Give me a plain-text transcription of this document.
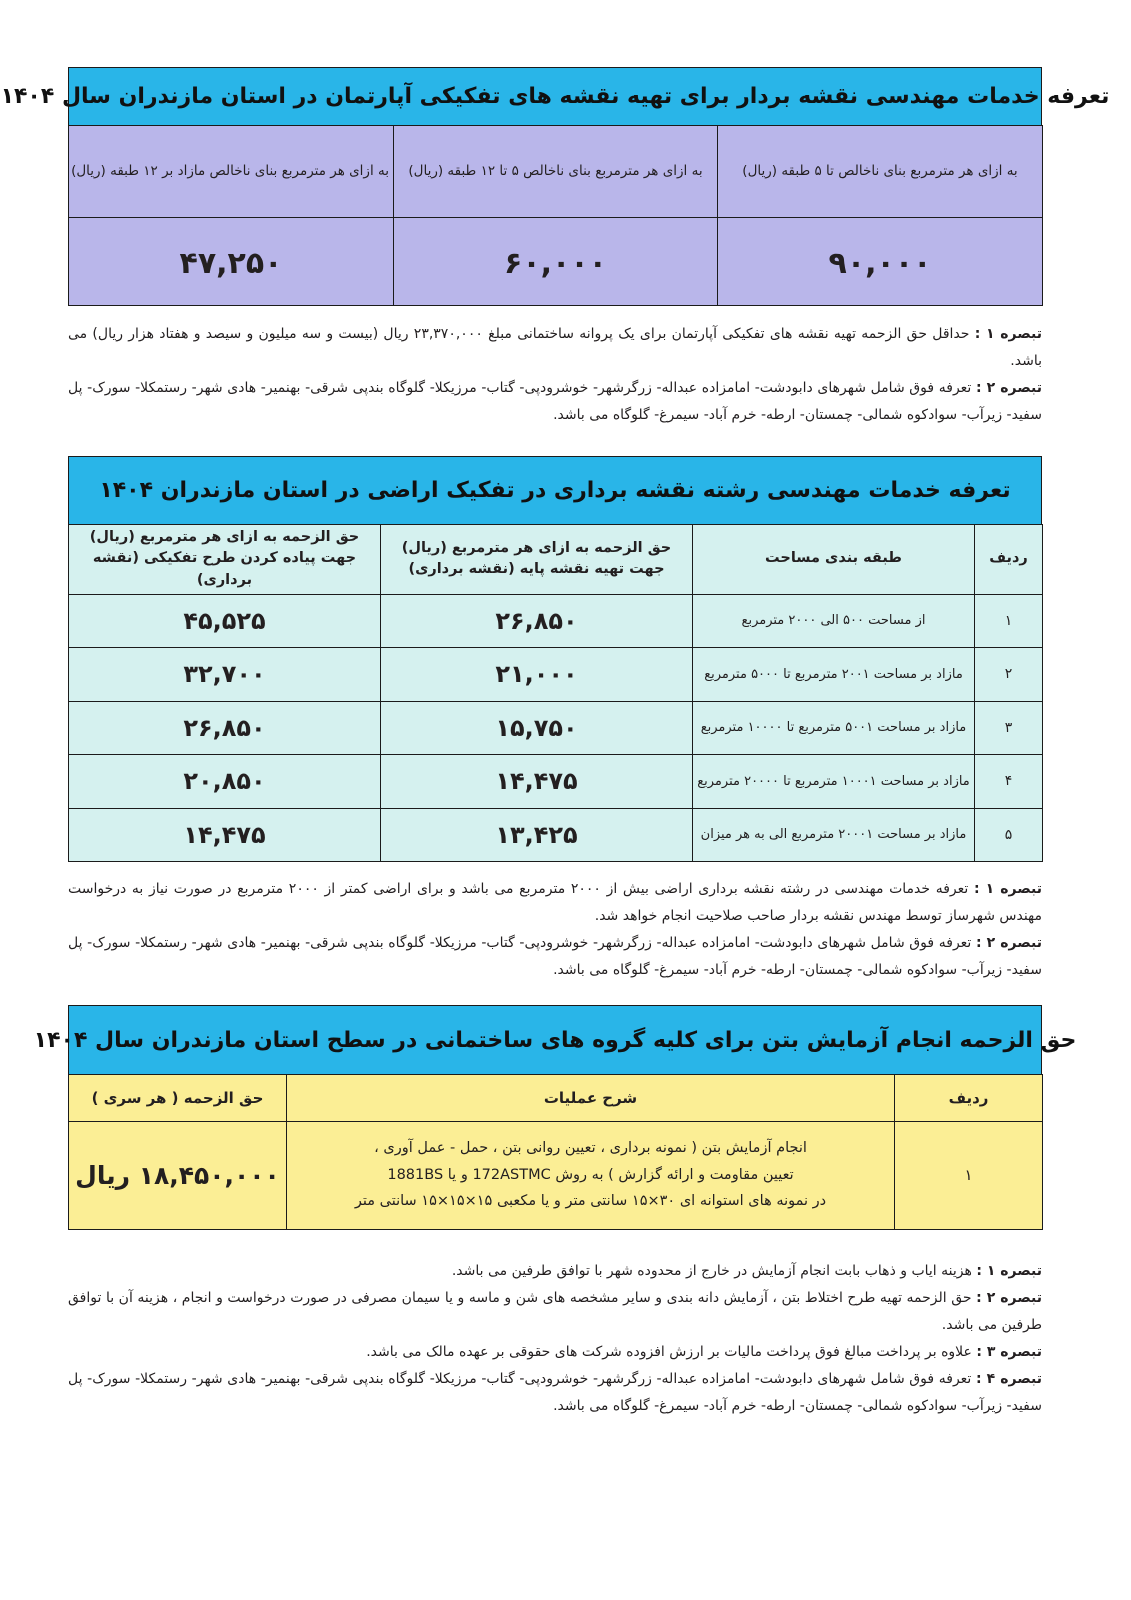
تعرفه خدمات مهندسی نقشه بردار برای تهیه نقشه های تفکیکی آپارتمان در استان مازندران سال ۱۴۰۴
به ازای هر مترمربع بنای ناخالص تا ۵ طبقه (ریال)	به ازای هر مترمربع بنای ناخالص ۵ تا ۱۲ طبقه (ریال)	به ازای هر مترمربع بنای ناخالص مازاد بر ۱۲ طبقه (ریال)
۹۰,۰۰۰	۶۰,۰۰۰	۴۷,۲۵۰

تبصره ۱ : حداقل حق الزحمه تهیه نقشه های تفکیکی آپارتمان برای یک پروانه ساختمانی مبلغ ۲۳,۳۷۰,۰۰۰ ریال (بیست و سه میلیون و سیصد و هفتاد هزار ریال) می باشد.

تبصره ۲ : تعرفه فوق شامل شهرهای دابودشت- امامزاده عبداله- زرگرشهر- خوشرودپی- گتاب- مرزیکلا- گلوگاه بندپی شرقی- بهنمیر- هادی شهر- رستمکلا- سورک- پل سفید- زیرآب- سوادکوه شمالی- چمستان- ارطه- خرم آباد- سیمرغ- گلوگاه می باشد.

تعرفه خدمات مهندسی رشته نقشه برداری در تفکیک اراضی در استان مازندران ۱۴۰۴
ردیف	طبقه بندی مساحت	حق الزحمه به ازای هر مترمربع (ریال) جهت تهیه نقشه پایه (نقشه برداری)	حق الزحمه به ازای هر مترمربع (ریال) جهت پیاده کردن طرح تفکیکی (نقشه برداری)
۱	از مساحت ۵۰۰ الی ۲۰۰۰ مترمربع	۲۶,۸۵۰	۴۵,۵۲۵
۲	مازاد بر مساحت ۲۰۰۱ مترمربع تا ۵۰۰۰ مترمربع	۲۱,۰۰۰	۳۲,۷۰۰
۳	مازاد بر مساحت ۵۰۰۱ مترمربع تا ۱۰۰۰۰ مترمربع	۱۵,۷۵۰	۲۶,۸۵۰
۴	مازاد بر مساحت ۱۰۰۰۱ مترمربع تا ۲۰۰۰۰ مترمربع	۱۴,۴۷۵	۲۰,۸۵۰
۵	مازاد بر مساحت ۲۰۰۰۱ مترمربع الی به هر میزان	۱۳,۴۲۵	۱۴,۴۷۵

تبصره ۱ : تعرفه خدمات مهندسی در رشته نقشه برداری اراضی بیش از ۲۰۰۰ مترمربع می باشد و برای اراضی کمتر از ۲۰۰۰ مترمربع در صورت نیاز به درخواست مهندس شهرساز توسط مهندس نقشه بردار صاحب صلاحیت انجام خواهد شد.

تبصره ۲ : تعرفه فوق شامل شهرهای دابودشت- امامزاده عبداله- زرگرشهر- خوشرودپی- گتاب- مرزیکلا- گلوگاه بندپی شرقی- بهنمیر- هادی شهر- رستمکلا- سورک- پل سفید- زیرآب- سوادکوه شمالی- چمستان- ارطه- خرم آباد- سیمرغ- گلوگاه می باشد.

حق الزحمه انجام آزمایش بتن برای کلیه گروه های ساختمانی در سطح استان مازندران سال ۱۴۰۴
ردیف	شرح عملیات	حق الزحمه ( هر سری )
۱	انجام آزمایش بتن ( نمونه برداری ، تعیین روانی بتن ، حمل - عمل آوری ،
تعیین مقاومت و ارائه گزارش ) به روش 172ASTMC و یا 1881BS
در نمونه های استوانه ای ۳۰×۱۵ سانتی متر و یا مکعبی ۱۵×۱۵×۱۵ سانتی متر	۱۸,۴۵۰,۰۰۰ ریال

تبصره ۱ : هزینه ایاب و ذهاب بابت انجام آزمایش در خارج از محدوده شهر با توافق طرفین می باشد.

تبصره ۲ : حق الزحمه تهیه طرح اختلاط بتن ، آزمایش دانه بندی و سایر مشخصه های شن و ماسه و یا سیمان مصرفی در صورت درخواست و انجام ، هزینه آن با توافق طرفین می باشد.

تبصره ۳ : علاوه بر پرداخت مبالغ فوق پرداخت مالیات بر ارزش افزوده شرکت های حقوقی بر عهده مالک می باشد.

تبصره ۴ : تعرفه فوق شامل شهرهای دابودشت- امامزاده عبداله- زرگرشهر- خوشرودپی- گتاب- مرزیکلا- گلوگاه بندپی شرقی- بهنمیر- هادی شهر- رستمکلا- سورک- پل سفید- زیرآب- سوادکوه شمالی- چمستان- ارطه- خرم آباد- سیمرغ- گلوگاه می باشد.
